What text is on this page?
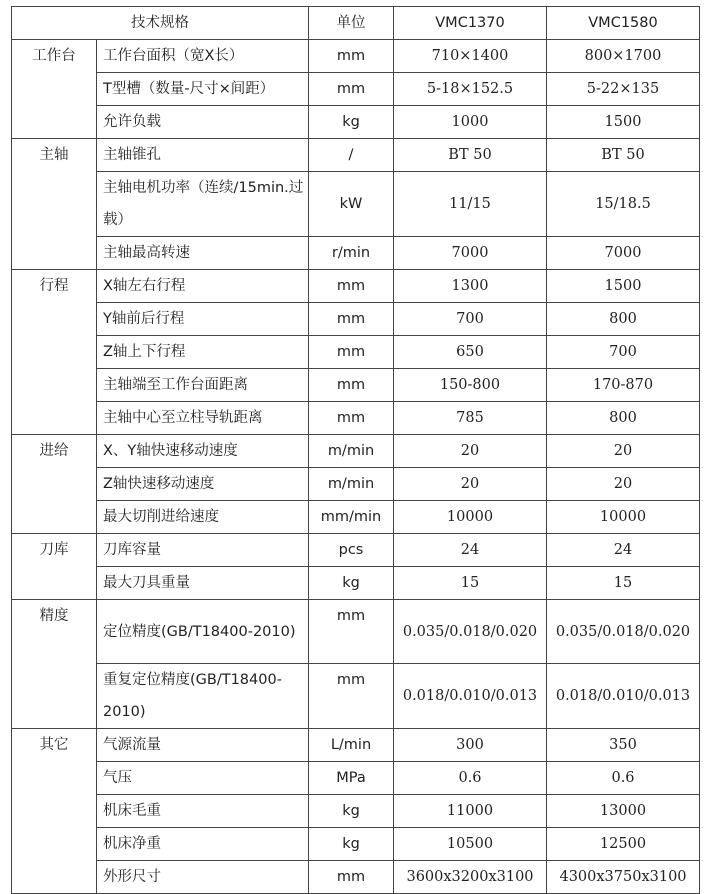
技术规格		单位	VMC1370	VMC1580
工作台	工作台面积（宽X长）	mm	710×1400	800×1700
	T型槽（数量-尺寸×间距）	mm	5-18×152.5	5-22×135
	允许负载	kg	1000	1500
主轴	主轴锥孔	/	BT 50	BT 50
	主轴电机功率（连续/15min.过载）	kW	11/15	15/18.5
	主轴最高转速	r/min	7000	7000
行程	X轴左右行程	mm	1300	1500
	Y轴前后行程	mm	700	800
	Z轴上下行程	mm	650	700
	主轴端至工作台面距离	mm	150-800	170-870
	主轴中心至立柱导轨距离	mm	785	800
进给	X、Y轴快速移动速度	m/min	20	20
	Z轴快速移动速度	m/min	20	20
	最大切削进给速度	mm/min	10000	10000
刀库	刀库容量	pcs	24	24
	最大刀具重量	kg	15	15
精度	定位精度(GB/T18400-2010)	mm	0.035/0.018/0.020	0.035/0.018/0.020
	重复定位精度(GB/T18400-2010)	mm	0.018/0.010/0.013	0.018/0.010/0.013
其它	气源流量	L/min	300	350
	气压	MPa	0.6	0.6
	机床毛重	kg	11000	13000
	机床净重	kg	10500	12500
	外形尺寸	mm	3600x3200x3100	4300x3750x3100
